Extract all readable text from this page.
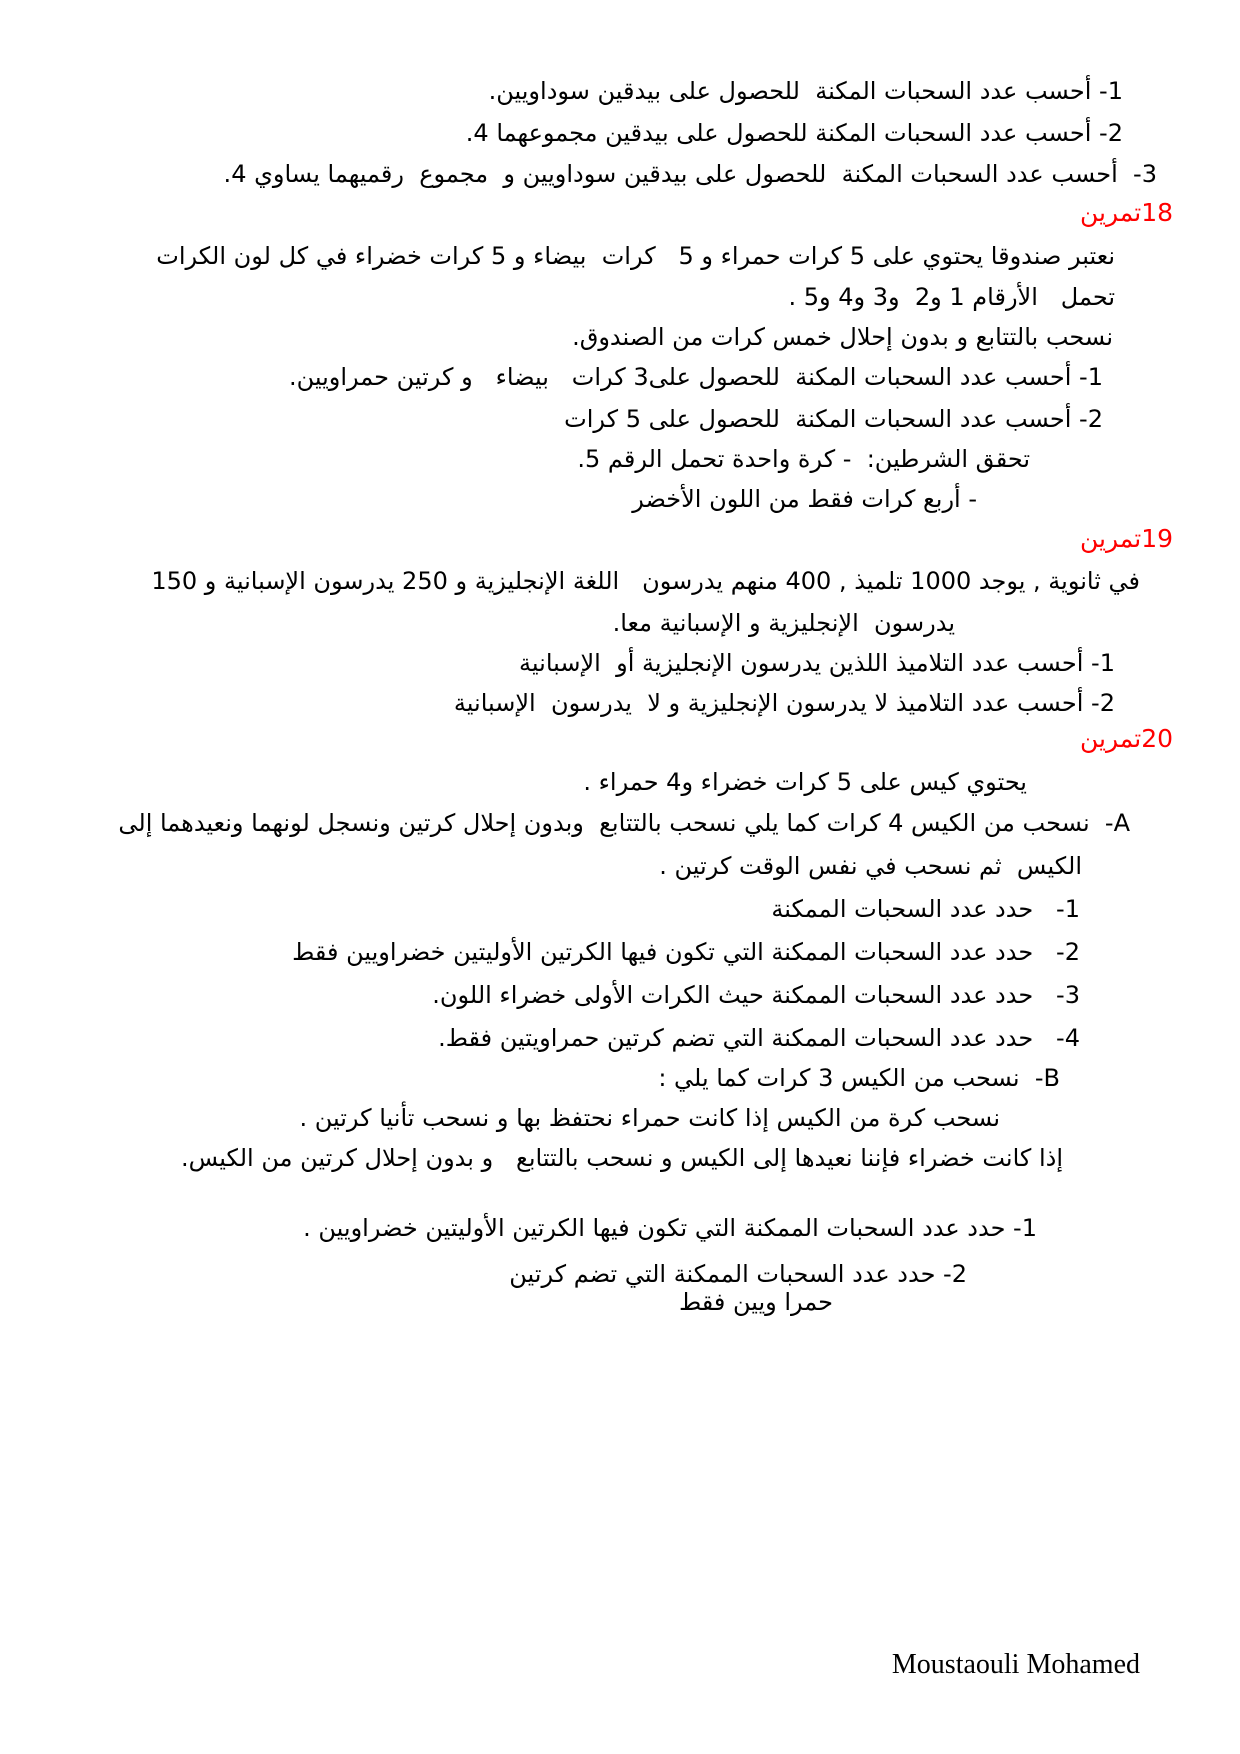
1- أحسب عدد السحبات المكنة  للحصول على بيدقين سوداويين.
2- أحسب عدد السحبات المكنة للحصول على بيدقين مجموعهما 4.
3-  أحسب عدد السحبات المكنة  للحصول على بيدقين سوداويين و  مجموع  رقميهما يساوي 4.
تمرين18
نعتبر صندوقا يحتوي على 5 كرات حمراء و 5   كرات  بيضاء و 5 كرات خضراء في كل لون الكرات
تحمل   الأرقام 1 و2  و3 و4 و5 .
نسحب بالتتابع و بدون إحلال خمس كرات من الصندوق.
1- أحسب عدد السحبات المكنة  للحصول على3 كرات   بيضاء   و كرتين حمراويين.
2- أحسب عدد السحبات المكنة  للحصول على 5 كرات
تحقق الشرطين:  - كرة واحدة تحمل الرقم 5.
- أربع كرات فقط من اللون الأخضر
تمرين19
في ثانوية , يوجد 1000 تلميذ , 400 منهم يدرسون   اللغة الإنجليزية و 250 يدرسون الإسبانية و 150
يدرسون  الإنجليزية و الإسبانية معا.
1- أحسب عدد التلاميذ اللذين يدرسون الإنجليزية أو  الإسبانية
2- أحسب عدد التلاميذ لا يدرسون الإنجليزية و لا  يدرسون  الإسبانية
تمرين20
يحتوي كيس على 5 كرات خضراء و4 حمراء .
A-  نسحب من الكيس 4 كرات كما يلي نسحب بالتتابع  وبدون إحلال كرتين ونسجل لونهما ونعيدهما إلى
الكيس  ثم نسحب في نفس الوقت كرتين .
1-   حدد عدد السحبات الممكنة
2-   حدد عدد السحبات الممكنة التي تكون فيها الكرتين الأوليتين خضراويين فقط
3-   حدد عدد السحبات الممكنة حيث الكرات الأولى خضراء اللون.
4-   حدد عدد السحبات الممكنة التي تضم كرتين حمراويتين فقط.
B-  نسحب من الكيس 3 كرات كما يلي :
نسحب كرة من الكيس إذا كانت حمراء نحتفظ بها و نسحب تأنيا كرتين .
إذا كانت خضراء فإننا نعيدها إلى الكيس و نسحب بالتتابع   و بدون إحلال كرتين من الكيس.
1- حدد عدد السحبات الممكنة التي تكون فيها الكرتين الأوليتين خضراويين .
2- حدد عدد السحبات الممكنة التي تضم كرتين
حمرا ويين فقط
Moustaouli Mohamed
